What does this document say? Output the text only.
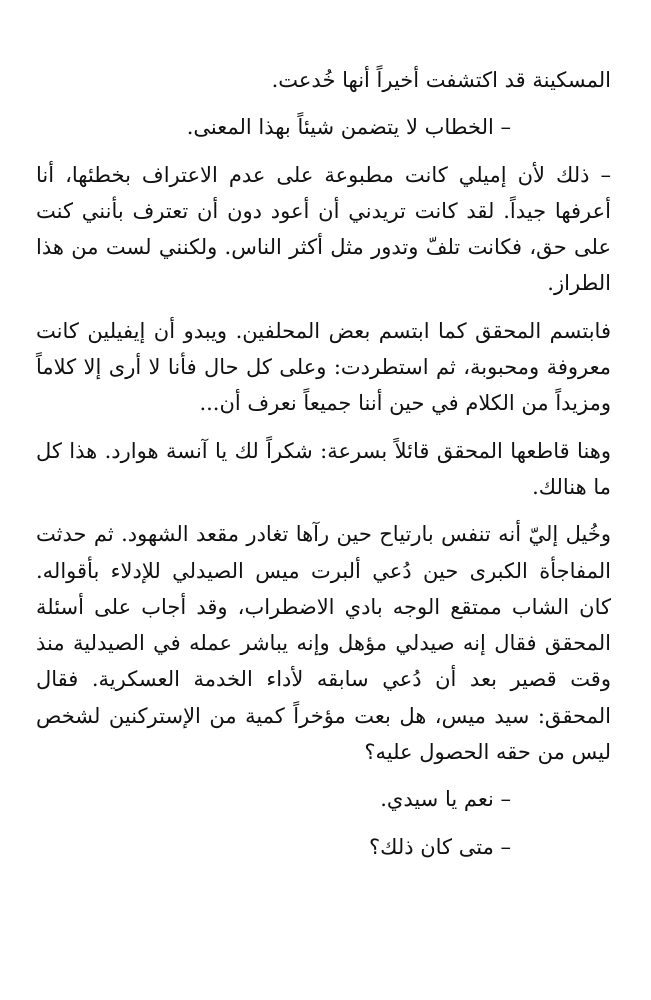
المسكينة قد اكتشفت أخيراً أنها خُدعت.

– الخطاب لا يتضمن شيئاً بهذا المعنى.

– ذلك لأن إميلي كانت مطبوعة على عدم الاعتراف بخطئها، أنا أعرفها جيداً. لقد كانت تريدني أن أعود دون أن تعترف بأنني كنت على حق، فكانت تلفّ وتدور مثل أكثر الناس. ولكنني لست من هذا الطراز.

فابتسم المحقق كما ابتسم بعض المحلفين. ويبدو أن إيفيلين كانت معروفة ومحبوبة، ثم استطردت: وعلى كل حال فأنا لا أرى إلا كلاماً ومزيداً من الكلام في حين أننا جميعاً نعرف أن...

وهنا قاطعها المحقق قائلاً بسرعة: شكراً لك يا آنسة هوارد. هذا كل ما هنالك.

وخُيل إليّ أنه تنفس بارتياح حين رآها تغادر مقعد الشهود. ثم حدثت المفاجأة الكبرى حين دُعي ألبرت ميس الصيدلي للإدلاء بأقواله. كان الشاب ممتقع الوجه بادي الاضطراب، وقد أجاب على أسئلة المحقق فقال إنه صيدلي مؤهل وإنه يباشر عمله في الصيدلية منذ وقت قصير بعد أن دُعي سابقه لأداء الخدمة العسكرية. فقال المحقق: سيد ميس، هل بعت مؤخراً كمية من الإستركنين لشخص ليس من حقه الحصول عليه؟

– نعم يا سيدي.

– متى كان ذلك؟
